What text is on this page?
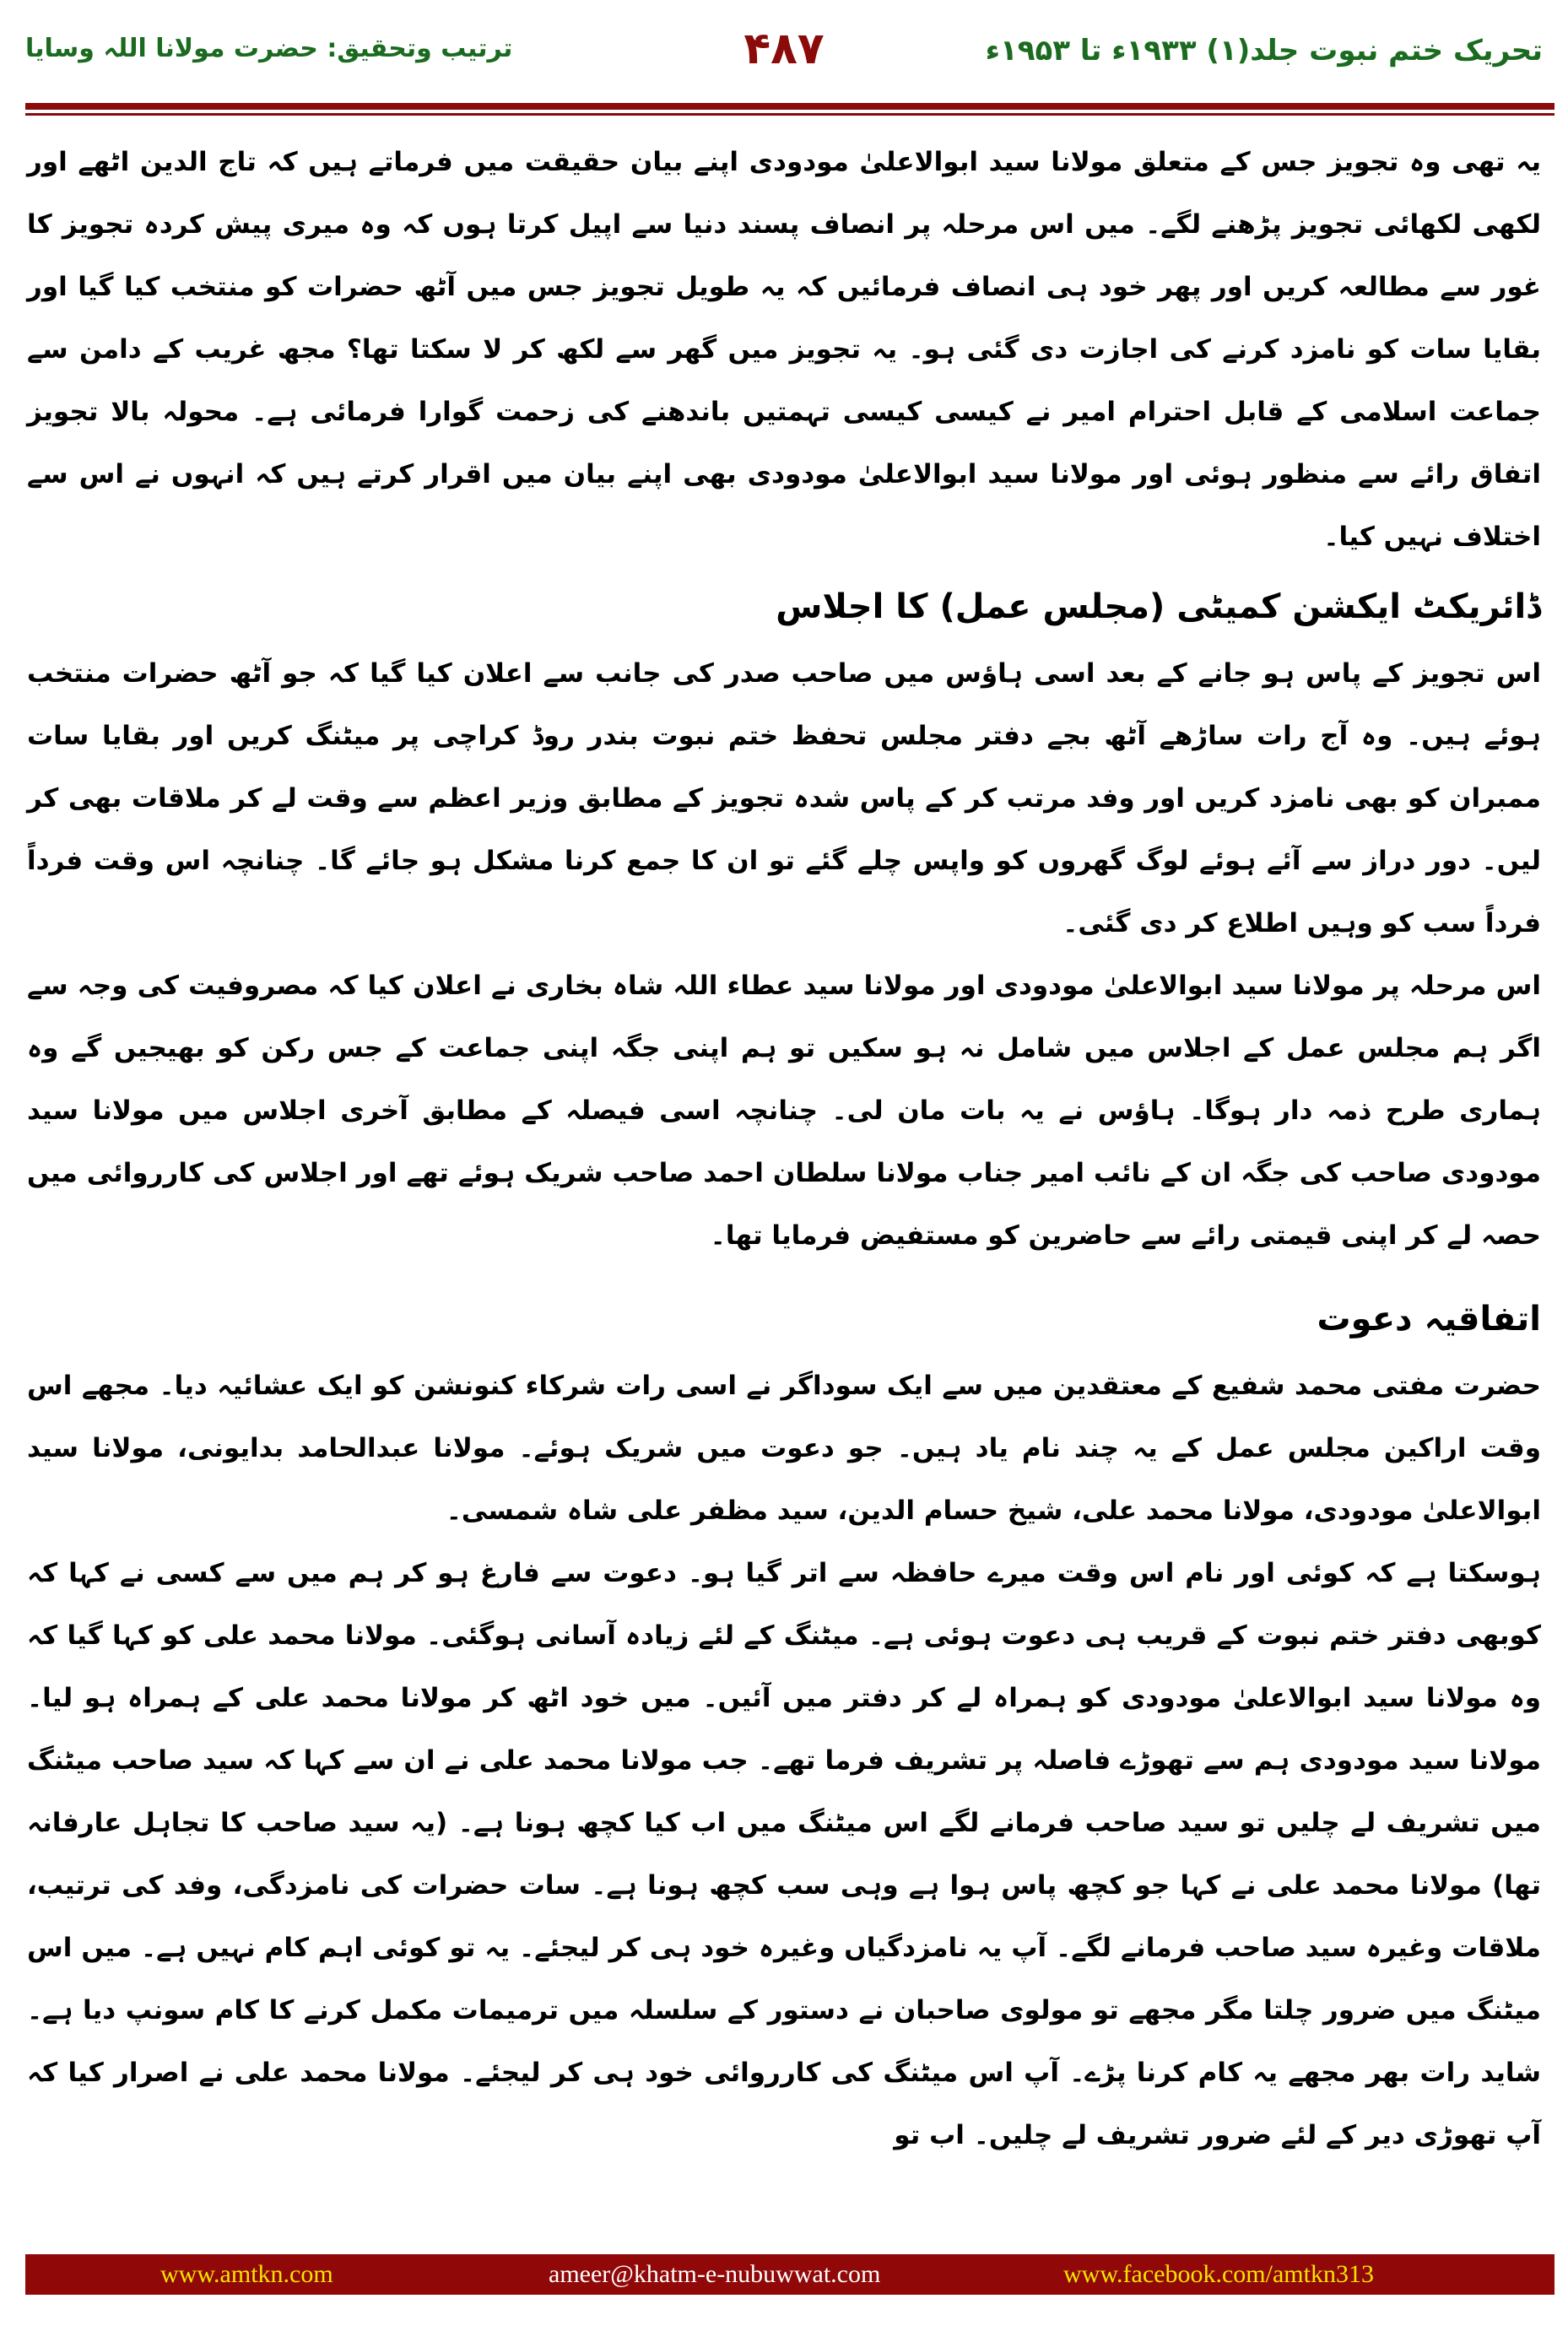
تحریک ختم نبوت جلد(۱) ۱۹۳۳ء تا ۱۹۵۳ء
۴۸۷
ترتیب وتحقیق: حضرت مولانا اللہ وسایا

یہ تھی وہ تجویز جس کے متعلق مولانا سید ابوالاعلیٰ مودودی اپنے بیان حقیقت میں فرماتے ہیں کہ تاج الدین اٹھے اور لکھی لکھائی تجویز پڑھنے لگے۔ میں اس مرحلہ پر انصاف پسند دنیا سے اپیل کرتا ہوں کہ وہ میری پیش کردہ تجویز کا غور سے مطالعہ کریں اور پھر خود ہی انصاف فرمائیں کہ یہ طویل تجویز جس میں آٹھ حضرات کو منتخب کیا گیا اور بقایا سات کو نامزد کرنے کی اجازت دی گئی ہو۔ یہ تجویز میں گھر سے لکھ کر لا سکتا تھا؟ مجھ غریب کے دامن سے جماعت اسلامی کے قابل احترام امیر نے کیسی کیسی تہمتیں باندھنے کی زحمت گوارا فرمائی ہے۔ محولہ بالا تجویز اتفاق رائے سے منظور ہوئی اور مولانا سید ابوالاعلیٰ مودودی بھی اپنے بیان میں اقرار کرتے ہیں کہ انہوں نے اس سے اختلاف نہیں کیا۔

ڈائریکٹ ایکشن کمیٹی (مجلس عمل) کا اجلاس

اس تجویز کے پاس ہو جانے کے بعد اسی ہاؤس میں صاحب صدر کی جانب سے اعلان کیا گیا کہ جو آٹھ حضرات منتخب ہوئے ہیں۔ وہ آج رات ساڑھے آٹھ بجے دفتر مجلس تحفظ ختم نبوت بندر روڈ کراچی پر میٹنگ کریں اور بقایا سات ممبران کو بھی نامزد کریں اور وفد مرتب کر کے پاس شدہ تجویز کے مطابق وزیر اعظم سے وقت لے کر ملاقات بھی کر لیں۔ دور دراز سے آئے ہوئے لوگ گھروں کو واپس چلے گئے تو ان کا جمع کرنا مشکل ہو جائے گا۔ چنانچہ اس وقت فرداً فرداً سب کو وہیں اطلاع کر دی گئی۔

اس مرحلہ پر مولانا سید ابوالاعلیٰ مودودی اور مولانا سید عطاء اللہ شاہ بخاری نے اعلان کیا کہ مصروفیت کی وجہ سے اگر ہم مجلس عمل کے اجلاس میں شامل نہ ہو سکیں تو ہم اپنی جگہ اپنی جماعت کے جس رکن کو بھیجیں گے وہ ہماری طرح ذمہ دار ہوگا۔ ہاؤس نے یہ بات مان لی۔ چنانچہ اسی فیصلہ کے مطابق آخری اجلاس میں مولانا سید مودودی صاحب کی جگہ ان کے نائب امیر جناب مولانا سلطان احمد صاحب شریک ہوئے تھے اور اجلاس کی کارروائی میں حصہ لے کر اپنی قیمتی رائے سے حاضرین کو مستفیض فرمایا تھا۔

اتفاقیہ دعوت

حضرت مفتی محمد شفیع کے معتقدین میں سے ایک سوداگر نے اسی رات شرکاء کنونشن کو ایک عشائیہ دیا۔ مجھے اس وقت اراکین مجلس عمل کے یہ چند نام یاد ہیں۔ جو دعوت میں شریک ہوئے۔ مولانا عبدالحامد بدایونی، مولانا سید ابوالاعلیٰ مودودی، مولانا محمد علی، شیخ حسام الدین، سید مظفر علی شاہ شمسی۔

ہوسکتا ہے کہ کوئی اور نام اس وقت میرے حافظہ سے اتر گیا ہو۔ دعوت سے فارغ ہو کر ہم میں سے کسی نے کہا کہ کوبھی دفتر ختم نبوت کے قریب ہی دعوت ہوئی ہے۔ میٹنگ کے لئے زیادہ آسانی ہوگئی۔ مولانا محمد علی کو کہا گیا کہ وہ مولانا سید ابوالاعلیٰ مودودی کو ہمراہ لے کر دفتر میں آئیں۔ میں خود اٹھ کر مولانا محمد علی کے ہمراہ ہو لیا۔ مولانا سید مودودی ہم سے تھوڑے فاصلہ پر تشریف فرما تھے۔ جب مولانا محمد علی نے ان سے کہا کہ سید صاحب میٹنگ میں تشریف لے چلیں تو سید صاحب فرمانے لگے اس میٹنگ میں اب کیا کچھ ہونا ہے۔ (یہ سید صاحب کا تجاہل عارفانہ تھا) مولانا محمد علی نے کہا جو کچھ پاس ہوا ہے وہی سب کچھ ہونا ہے۔ سات حضرات کی نامزدگی، وفد کی ترتیب، ملاقات وغیرہ سید صاحب فرمانے لگے۔ آپ یہ نامزدگیاں وغیرہ خود ہی کر لیجئے۔ یہ تو کوئی اہم کام نہیں ہے۔ میں اس میٹنگ میں ضرور چلتا مگر مجھے تو مولوی صاحبان نے دستور کے سلسلہ میں ترمیمات مکمل کرنے کا کام سونپ دیا ہے۔ شاید رات بھر مجھے یہ کام کرنا پڑے۔ آپ اس میٹنگ کی کارروائی خود ہی کر لیجئے۔ مولانا محمد علی نے اصرار کیا کہ آپ تھوڑی دیر کے لئے ضرور تشریف لے چلیں۔ اب تو

www.amtkn.com	ameer@khatm-e-nubuwwat.com	www.facebook.com/amtkn313
